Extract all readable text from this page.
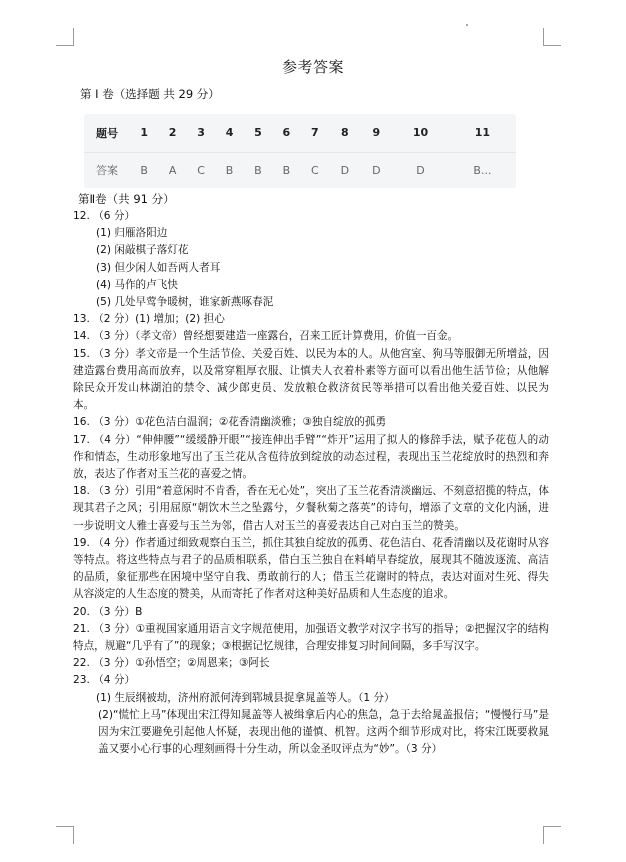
参考答案
第 I 卷（选择题 共 29 分）
题号	1	2	3	4	5	6	7	8	9	10	11
答案	B	A	C	B	B	B	C	D	D	D	B...
第Ⅱ卷（共 91 分）
12. （6 分）
(1) 归雁洛阳边
(2) 闲敲棋子落灯花
(3) 但少闲人如吾两人者耳
(4) 马作的卢飞快
(5) 几处早莺争暖树，谁家新燕啄春泥
13. （2 分）(1) 增加；(2) 担心
14. （3 分）（孝文帝）曾经想要建造一座露台，召来工匠计算费用，价值一百金。
15. （3 分）孝文帝是一个生活节俭、关爱百姓、以民为本的人。从他宫室、狗马等服御无所增益，因建造露台费用高而放弃，以及常穿粗厚衣服、让慎夫人衣着朴素等方面可以看出他生活节俭；从他解除民众开发山林湖泊的禁令、减少郎吏员、发放粮仓救济贫民等举措可以看出他关爱百姓、以民为本。
16. （3 分）①花色洁白温润；②花香清幽淡雅；③独自绽放的孤勇
17. （4 分）“伸伸腰”“缓缓静开眼”“接连伸出手臂”“炸开”运用了拟人的修辞手法，赋予花苞人的动作和情态，生动形象地写出了玉兰花从含苞待放到绽放的动态过程，表现出玉兰花绽放时的热烈和奔放，表达了作者对玉兰花的喜爱之情。
18. （3 分）引用“着意闲时不肯香，香在无心处”，突出了玉兰花香清淡幽远、不刻意招揽的特点，体现其君子之风；引用屈原“朝饮木兰之坠露兮，夕餐秋菊之落英”的诗句，增添了文章的文化内涵，进一步说明文人雅士喜爱与玉兰为邻，借古人对玉兰的喜爱表达自己对白玉兰的赞美。
19. （4 分）作者通过细致观察白玉兰，抓住其独自绽放的孤勇、花色洁白、花香清幽以及花谢时从容等特点。将这些特点与君子的品质相联系，借白玉兰独自在料峭早春绽放，展现其不随波逐流、高洁的品质，象征那些在困境中坚守自我、勇敢前行的人；借玉兰花谢时的特点，表达对面对生死、得失从容淡定的人生态度的赞美，从而寄托了作者对这种美好品质和人生态度的追求。
20. （3 分）B
21. （3 分）①重视国家通用语言文字规范使用，加强语文教学对汉字书写的指导；②把握汉字的结构特点，规避“几乎有了”的现象；③根据记忆规律，合理安排复习时间间隔，多手写汉字。
22. （3 分）①孙悟空；②周恩来；③阿长
23. （4 分）
(1) 生辰纲被劫，济州府派何涛到郓城县捉拿晁盖等人。（1 分）
(2)“慌忙上马”体现出宋江得知晁盖等人被缉拿后内心的焦急，急于去给晁盖报信；“慢慢行马”是因为宋江要避免引起他人怀疑，表现出他的谨慎、机智。这两个细节形成对比，将宋江既要救晁盖又要小心行事的心理刻画得十分生动，所以金圣叹评点为“妙”。（3 分）
